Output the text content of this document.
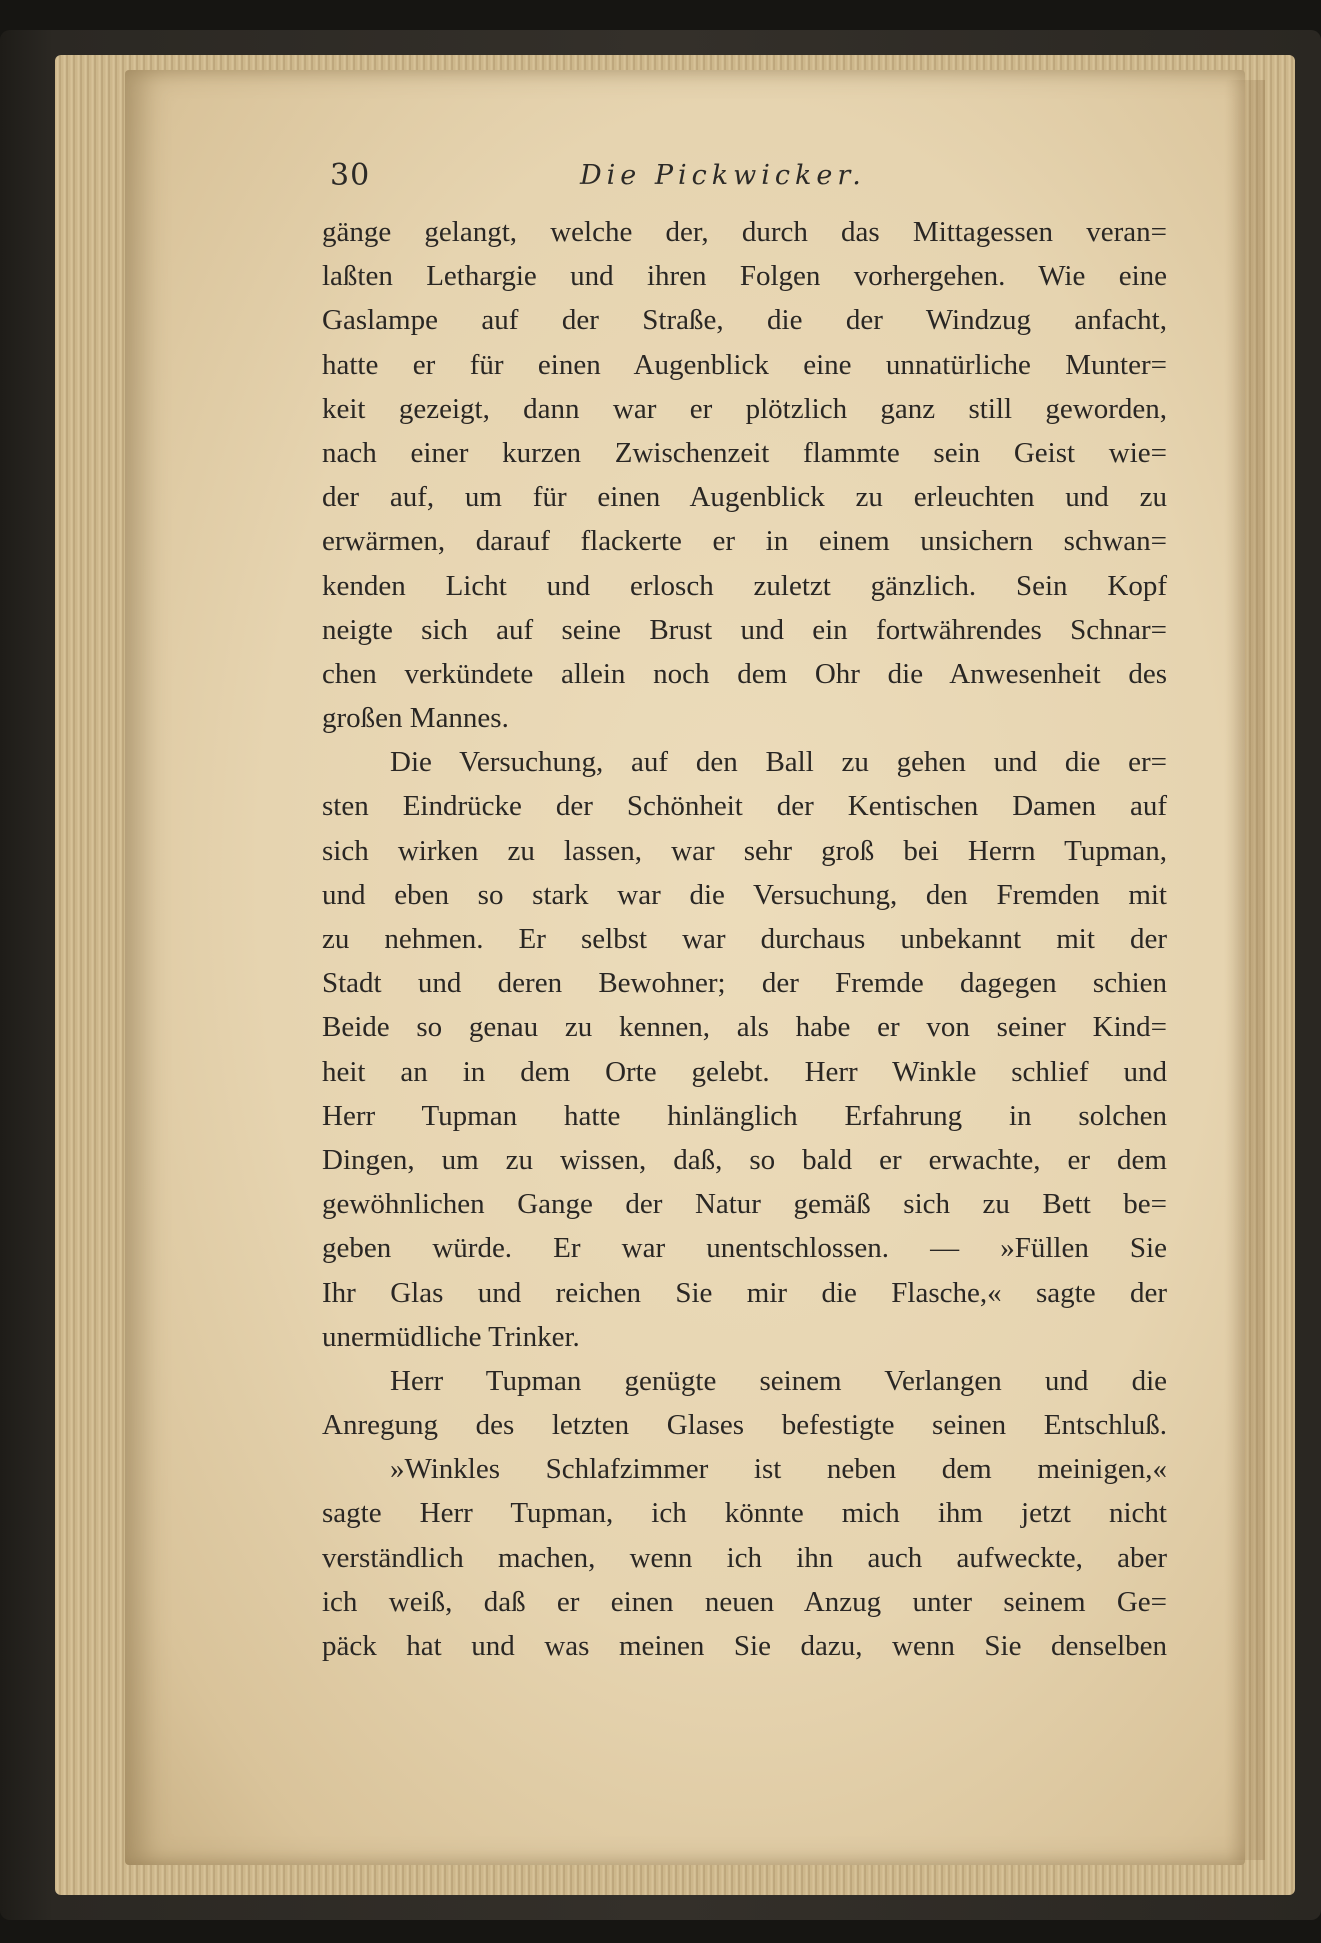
30	Die Pickwicker.
gänge gelangt, welche der, durch das Mittagessen veran=
laßten Lethargie und ihren Folgen vorhergehen. Wie eine
Gaslampe auf der Straße, die der Windzug anfacht,
hatte er für einen Augenblick eine unnatürliche Munter=
keit gezeigt, dann war er plötzlich ganz still geworden,
nach einer kurzen Zwischenzeit flammte sein Geist wie=
der auf, um für einen Augenblick zu erleuchten und zu
erwärmen, darauf flackerte er in einem unsichern schwan=
kenden Licht und erlosch zuletzt gänzlich. Sein Kopf
neigte sich auf seine Brust und ein fortwährendes Schnar=
chen verkündete allein noch dem Ohr die Anwesenheit des
großen Mannes.
Die Versuchung, auf den Ball zu gehen und die er=
sten Eindrücke der Schönheit der Kentischen Damen auf
sich wirken zu lassen, war sehr groß bei Herrn Tupman,
und eben so stark war die Versuchung, den Fremden mit
zu nehmen. Er selbst war durchaus unbekannt mit der
Stadt und deren Bewohner; der Fremde dagegen schien
Beide so genau zu kennen, als habe er von seiner Kind=
heit an in dem Orte gelebt. Herr Winkle schlief und
Herr Tupman hatte hinlänglich Erfahrung in solchen
Dingen, um zu wissen, daß, so bald er erwachte, er dem
gewöhnlichen Gange der Natur gemäß sich zu Bett be=
geben würde. Er war unentschlossen. — »Füllen Sie
Ihr Glas und reichen Sie mir die Flasche,« sagte der
unermüdliche Trinker.
Herr Tupman genügte seinem Verlangen und die
Anregung des letzten Glases befestigte seinen Entschluß.
»Winkles Schlafzimmer ist neben dem meinigen,«
sagte Herr Tupman, ich könnte mich ihm jetzt nicht
verständlich machen, wenn ich ihn auch aufweckte, aber
ich weiß, daß er einen neuen Anzug unter seinem Ge=
päck hat und was meinen Sie dazu, wenn Sie denselben
